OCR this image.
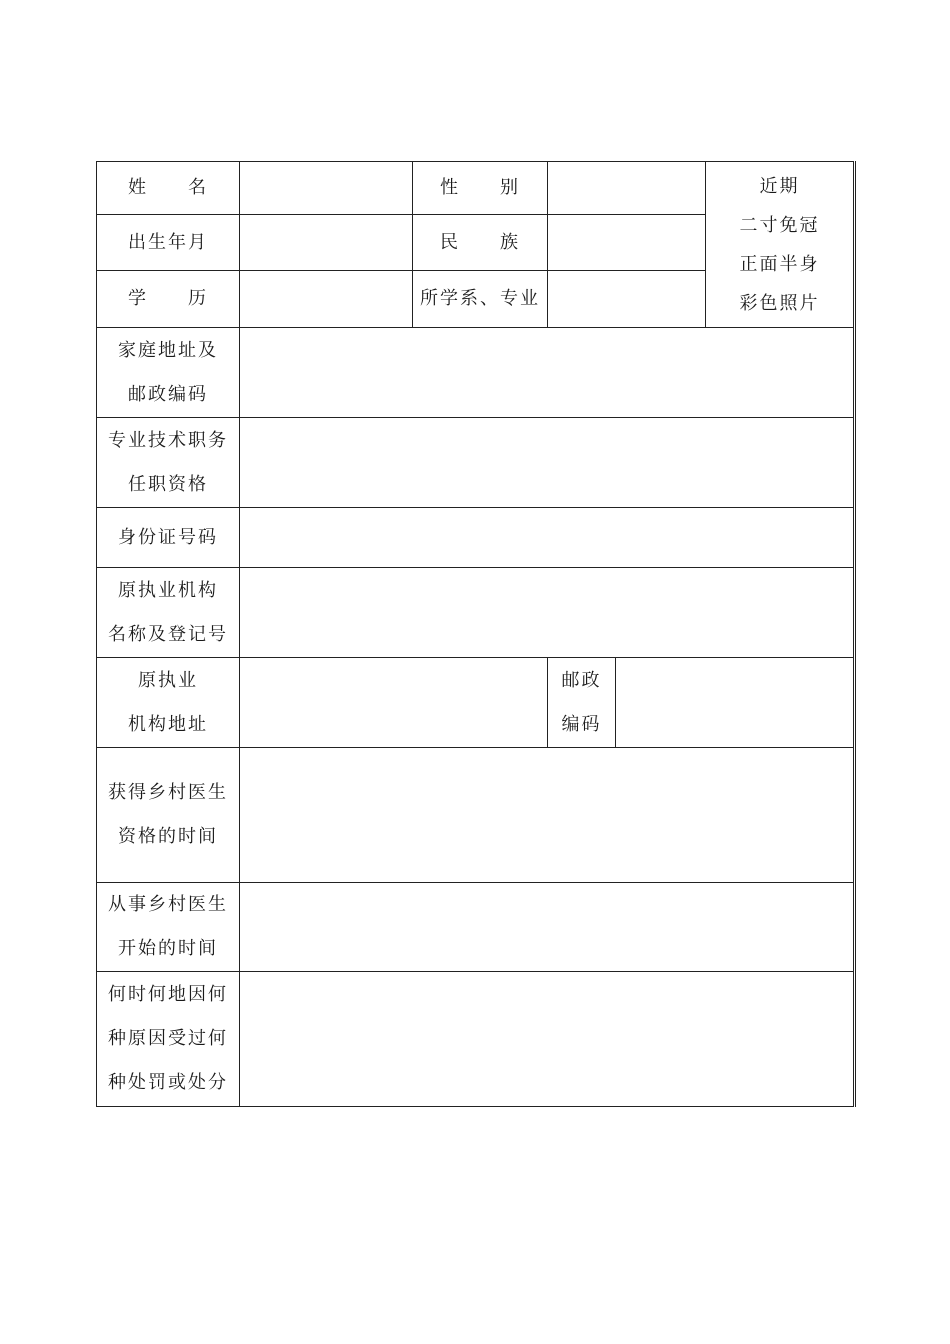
姓　　名		性　　别			近期
二寸免冠
正面半身
彩色照片

出生年月		民　　族			

学　　历		所学系、专业			

家庭地址及
邮政编码					

专业技术职务
任职资格					

身份证号码					

原执业机构
名称及登记号					

原执业
机构地址			邮政
编码		

获得乡村医生
资格的时间					

从事乡村医生
开始的时间					

何时何地因何
种原因受过何
种处罚或处分					
